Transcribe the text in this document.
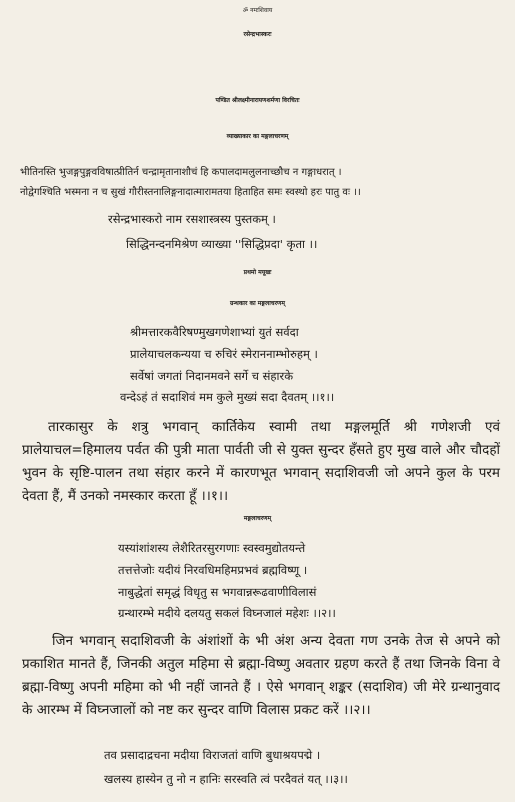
ॐ नमःशिवाय
रसेन्द्रभास्करः
पण्डित श्रीलक्ष्मीनारायणशर्मणा विरचितः
व्याख्याकार का मङ्गलाचरणम्
भीतिनस्ति भुजङ्गपुङ्गवविषात्प्रीतिर्न चन्द्रामृतानाशौचं हि कपालदामलुलनाच्छौच न गङ्गाधरात् ।
नोद्वेगश्चिति भस्मना न च सुखं गौरीस्तनालिङ्गनादात्मारामतया हिताहित समः स्वस्थो हरः पातु वः ।।
रसेन्द्रभास्करो नाम रसशास्त्रस्य पुस्तकम् ।
सिद्धिनन्दनमिश्रेण व्याख्या ''सिद्धिप्रदा' कृता ।।
प्रथमो मयूखः
ग्रन्थकार का मङ्गलाचरणम्
श्रीमत्तारकवैरिषण्मुखगणेशाभ्यां युतं सर्वदा
प्रालेयाचलकन्यया च रुचिरं स्मेराननाम्भोरुहम् ।
सर्वेषां जगतां निदानमवने सर्गे च संहारके
वन्देऽहं तं सदाशिवं मम कुले मुख्यं सदा दैवतम् ।।१।।
तारकासुर के शत्रु भगवान् कार्तिकेय स्वामी तथा मङ्गलमूर्ति श्री गणेशजी एवं प्रालेयाचल=हिमालय पर्वत की पुत्री माता पार्वती जी से युक्त सुन्दर हँसते हुए मुख वाले और चौदहों भुवन के सृष्टि-पालन तथा संहार करने में कारणभूत भगवान् सदाशिवजी जो अपने कुल के परम देवता हैं, मैं उनको नमस्कार करता हूँ ।।१।।
मङ्गलाचरणम्
यस्यांशांशस्य लेशैरितरसुरगणाः स्वस्वमुद्योतयन्ते
तत्तत्तेजोः यदीयं निरवधिमहिमप्रभवं ब्रह्मविष्णू ।
नाबुद्धेतां समृद्धं विधृतु स भगवान्नरूढवाणीविलासं
ग्रन्थारम्भे मदीये दलयतु सकलं विघ्नजालं महेशः ।।२।।
जिन भगवान् सदाशिवजी के अंशांशों के भी अंश अन्य देवता गण उनके तेज से अपने को प्रकाशित मानते हैं, जिनकी अतुल महिमा से ब्रह्मा-विष्णु अवतार ग्रहण करते हैं तथा जिनके विना वे ब्रह्मा-विष्णु अपनी महिमा को भी नहीं जानते हैं । ऐसे भगवान् शङ्कर (सदाशिव) जी मेरे ग्रन्थानुवाद के आरम्भ में विघ्नजालों को नष्ट कर सुन्दर वाणि विलास प्रकट करें ।।२।।
तव प्रसादाद्रचना मदीया विराजतां वाणि बुधाश्रयपद्मे ।
खलस्य हास्येन तु नो न हानिः सरस्वति त्वं परदैवतं यत् ।।३।।
